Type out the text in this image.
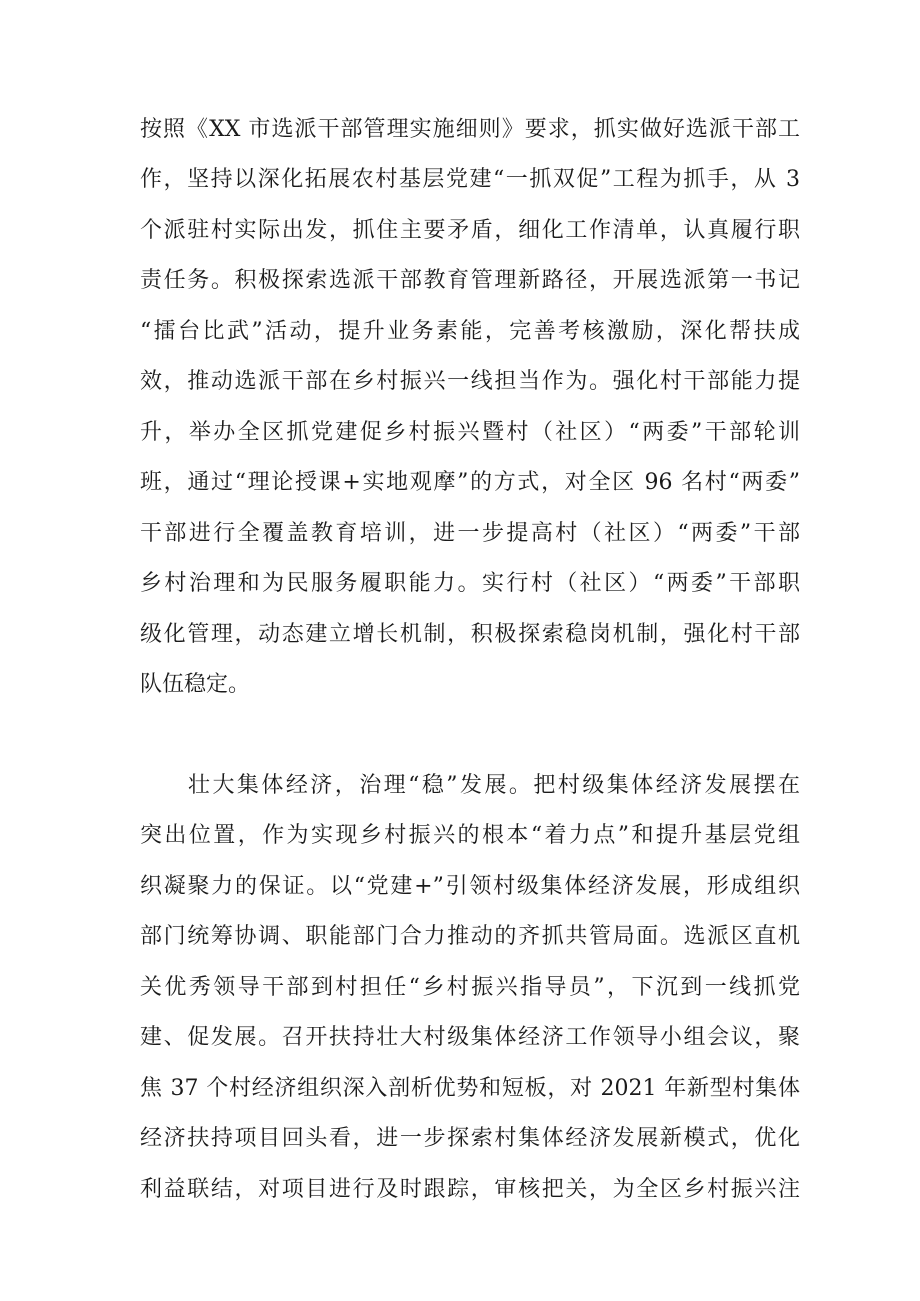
按照《XX 市选派干部管理实施细则》要求，抓实做好选派干部工
作，坚持以深化拓展农村基层党建“一抓双促”工程为抓手，从 3
个派驻村实际出发，抓住主要矛盾，细化工作清单，认真履行职
责任务。积极探索选派干部教育管理新路径，开展选派第一书记
“擂台比武”活动，提升业务素能，完善考核激励，深化帮扶成
效，推动选派干部在乡村振兴一线担当作为。强化村干部能力提
升，举办全区抓党建促乡村振兴暨村（社区）“两委”干部轮训
班，通过“理论授课+实地观摩”的方式，对全区 96 名村“两委”
干部进行全覆盖教育培训，进一步提高村（社区）“两委”干部
乡村治理和为民服务履职能力。实行村（社区）“两委”干部职
级化管理，动态建立增长机制，积极探索稳岗机制，强化村干部
队伍稳定。
壮大集体经济，治理“稳”发展。把村级集体经济发展摆在
突出位置，作为实现乡村振兴的根本“着力点”和提升基层党组
织凝聚力的保证。以“党建+”引领村级集体经济发展，形成组织
部门统筹协调、职能部门合力推动的齐抓共管局面。选派区直机
关优秀领导干部到村担任“乡村振兴指导员”，下沉到一线抓党
建、促发展。召开扶持壮大村级集体经济工作领导小组会议，聚
焦 37 个村经济组织深入剖析优势和短板，对 2021 年新型村集体
经济扶持项目回头看，进一步探索村集体经济发展新模式，优化
利益联结，对项目进行及时跟踪，审核把关，为全区乡村振兴注
